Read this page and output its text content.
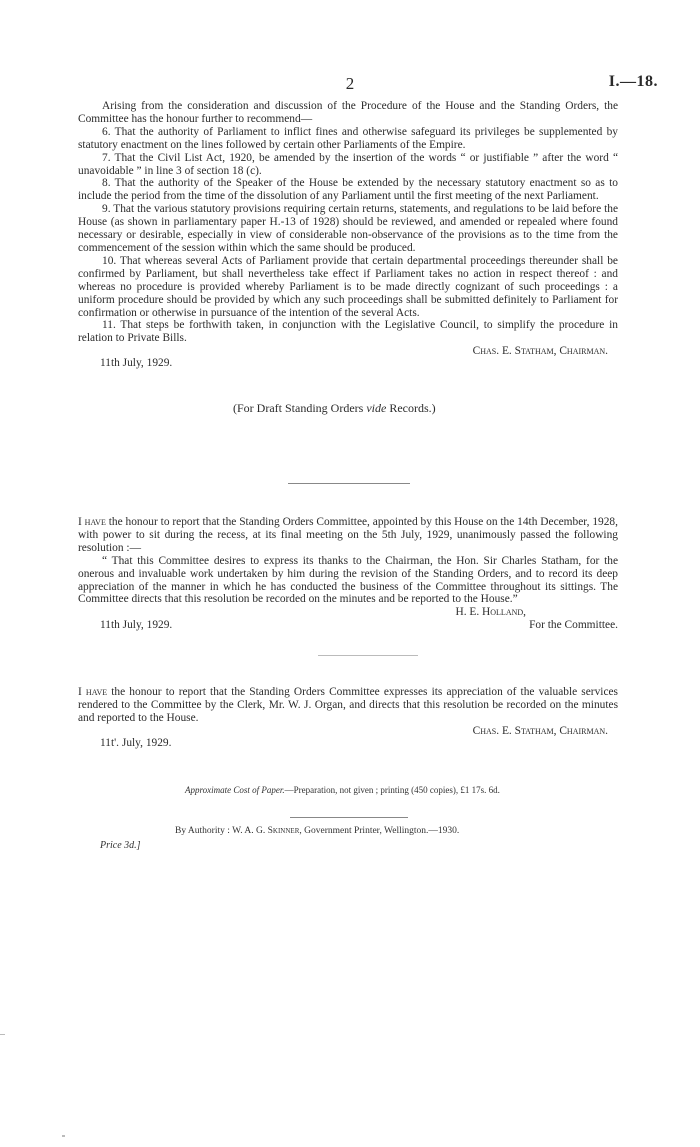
2	I.—18.

Arising from the consideration and discussion of the Procedure of the House and the Standing Orders, the Committee has the honour further to recommend—

6. That the authority of Parliament to inflict fines and otherwise safeguard its privileges be supplemented by statutory enactment on the lines followed by certain other Parliaments of the Empire.

7. That the Civil List Act, 1920, be amended by the insertion of the words “ or justifiable ” after the word “ unavoidable ” in line 3 of section 18 (c).

8. That the authority of the Speaker of the House be extended by the necessary statutory enactment so as to include the period from the time of the dissolution of any Parliament until the first meeting of the next Parliament.

9. That the various statutory provisions requiring certain returns, statements, and regulations to be laid before the House (as shown in parliamentary paper H.-13 of 1928) should be reviewed, and amended or repealed where found necessary or desirable, especially in view of considerable non-observance of the provisions as to the time from the commencement of the session within which the same should be produced.

10. That whereas several Acts of Parliament provide that certain departmental proceedings thereunder shall be confirmed by Parliament, but shall nevertheless take effect if Parliament takes no action in respect thereof : and whereas no procedure is provided whereby Parliament is to be made directly cognizant of such proceedings : a uniform procedure should be provided by which any such proceedings shall be submitted definitely to Parliament for confirmation or otherwise in pursuance of the intention of the several Acts.

11. That steps be forthwith taken, in conjunction with the Legislative Council, to simplify the procedure in relation to Private Bills.

Chas. E. Statham, Chairman.
11th July, 1929.
(For Draft Standing Orders vide Records.)

I have the honour to report that the Standing Orders Committee, appointed by this House on the 14th December, 1928, with power to sit during the recess, at its final meeting on the 5th July, 1929, unanimously passed the following resolution :—

“ That this Committee desires to express its thanks to the Chairman, the Hon. Sir Charles Statham, for the onerous and invaluable work undertaken by him during the revision of the Standing Orders, and to record its deep appreciation of the manner in which he has conducted the business of the Committee throughout its sittings. The Committee directs that this resolution be recorded on the minutes and be reported to the House.”

H. E. Holland,
11th July, 1929.	For the Committee.

I have the honour to report that the Standing Orders Committee expresses its appreciation of the valuable services rendered to the Committee by the Clerk, Mr. W. J. Organ, and directs that this resolution be recorded on the minutes and reported to the House.

Chas. E. Statham, Chairman.
11t'. July, 1929.
Approximate Cost of Paper.—Preparation, not given ; printing (450 copies), £1 17s. 6d.
By Authority : W. A. G. Skinner, Government Printer, Wellington.—1930.
Price 3d.]
